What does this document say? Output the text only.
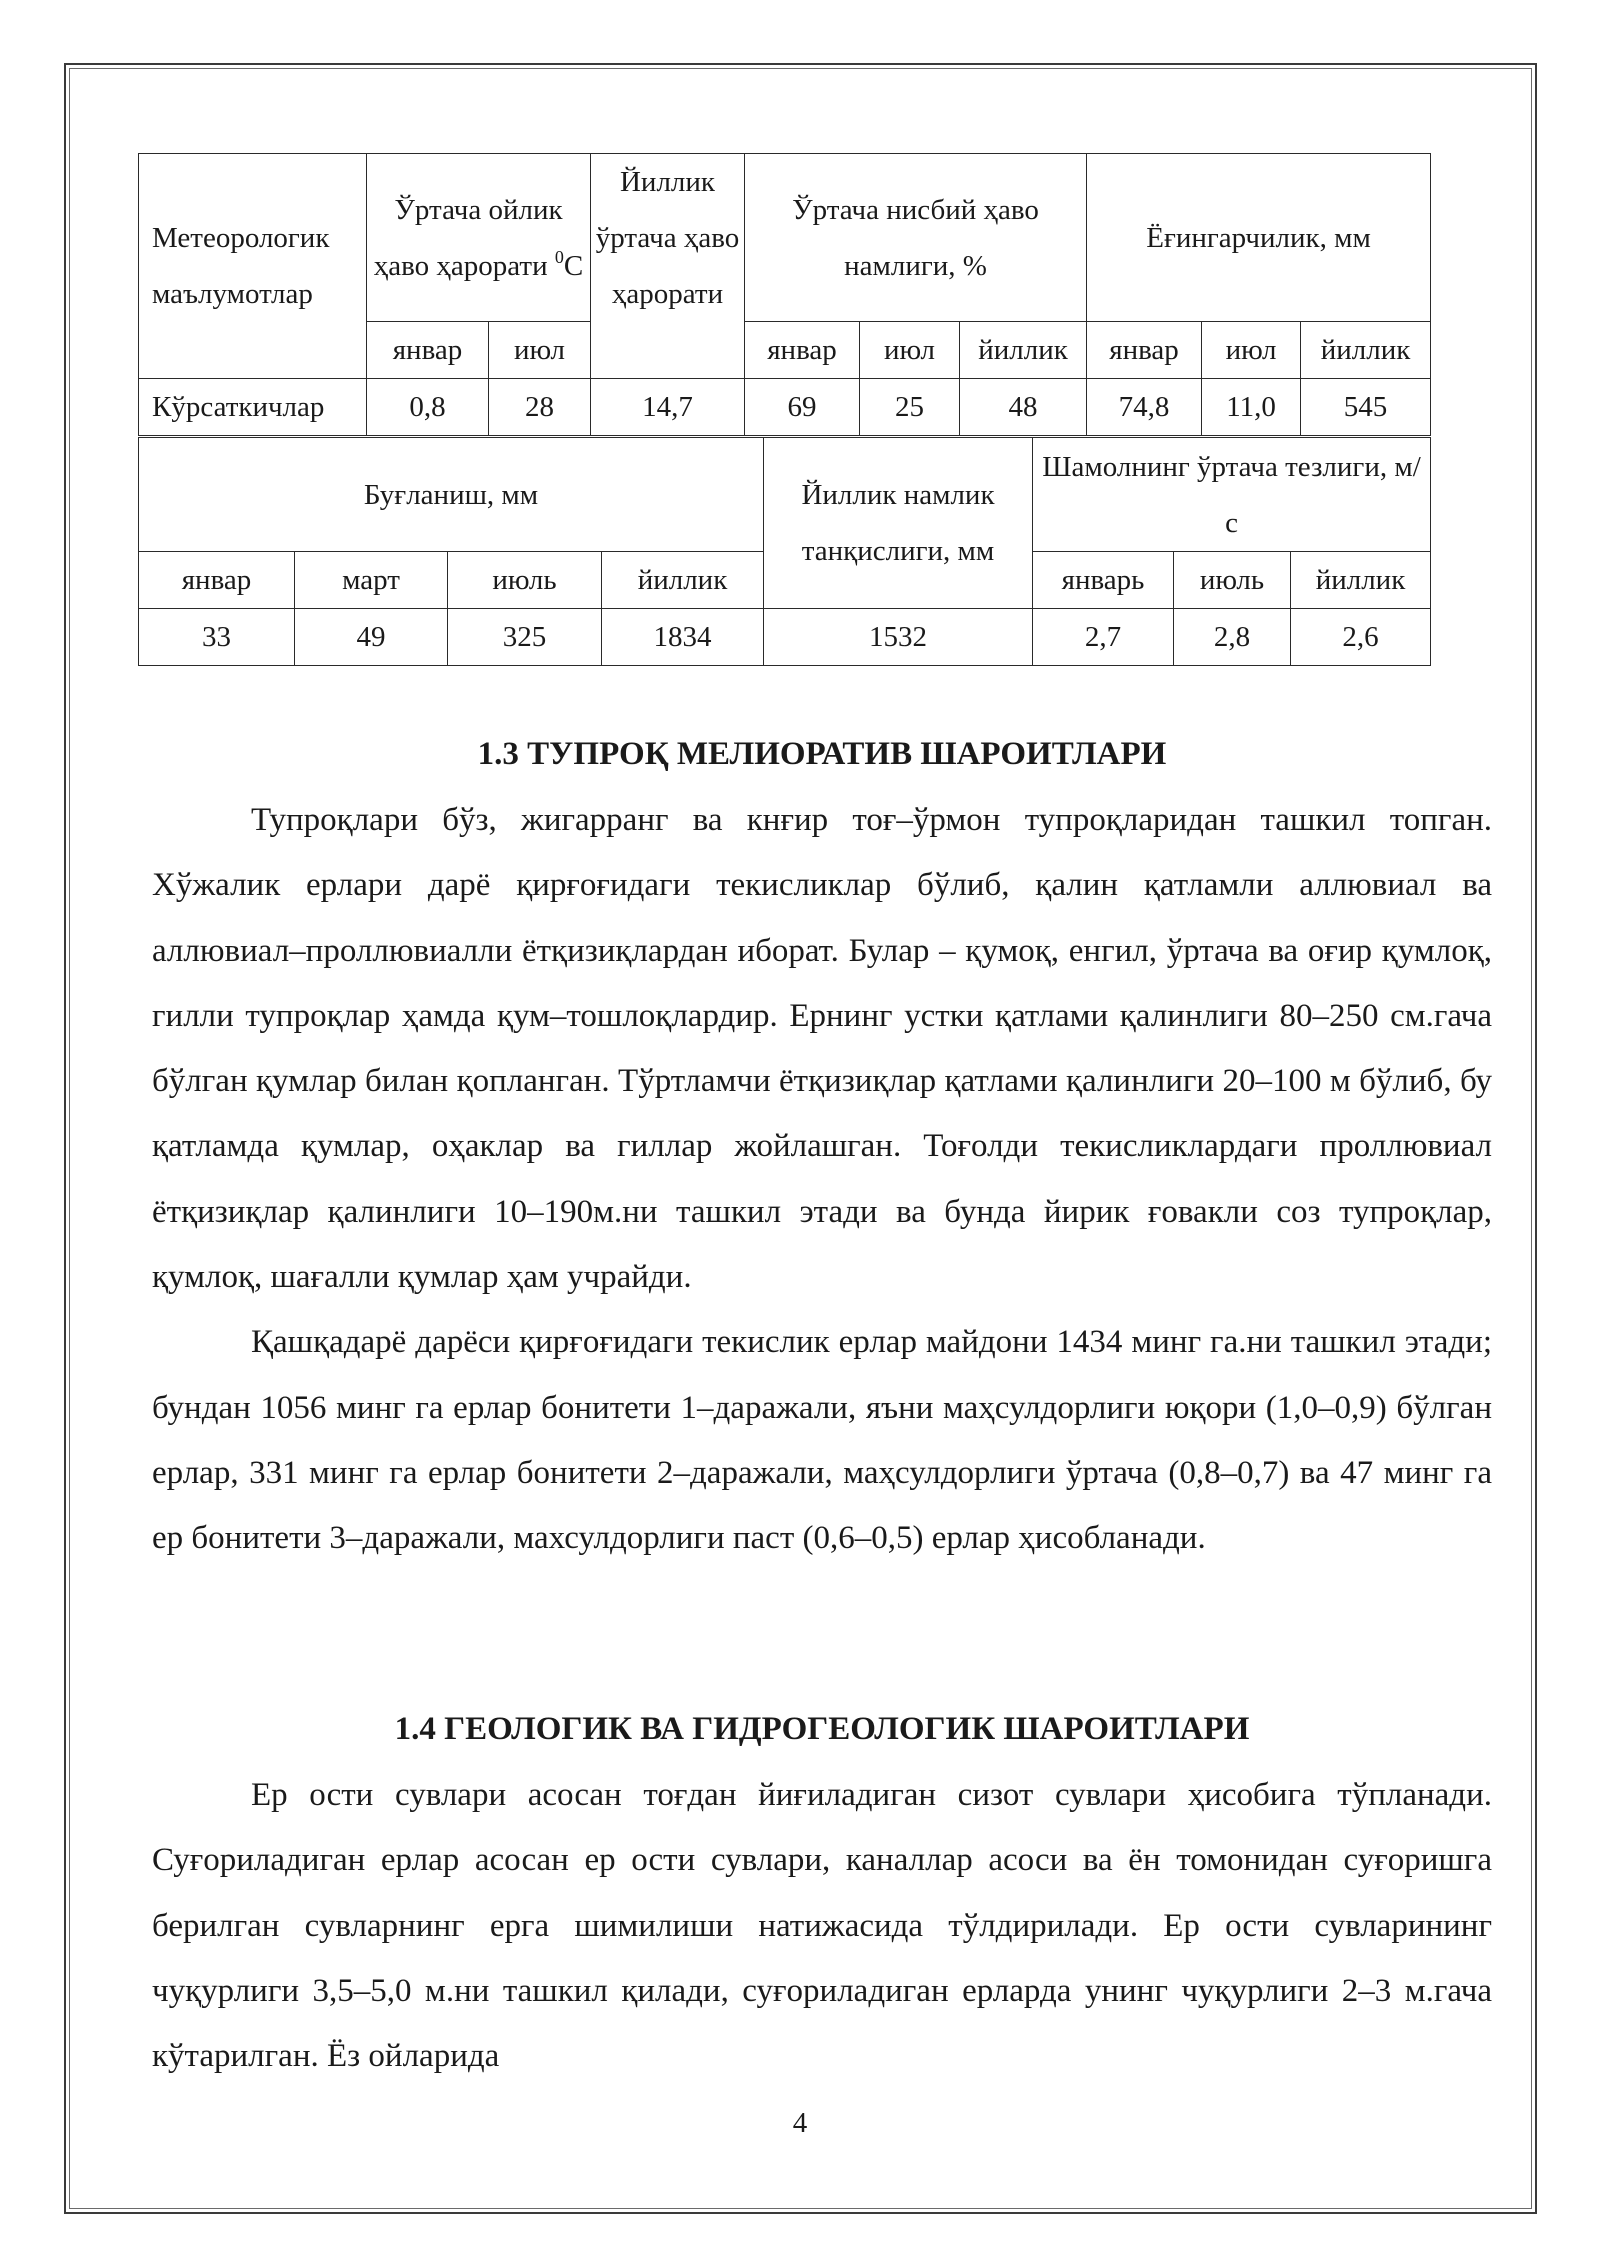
Метеорологик маълумотлар	Ўртача ойлик ҳаво ҳарорати $^0$С		Йиллик ўртача ҳаво ҳарорати	Ўртача нисбий ҳаво намлиги, %			Ёғингарчилик, мм		
	январ	июл		январ	июл	йиллик	январ	июл	йиллик
Кўрсаткичлар	0,8	28	14,7	69	25	48	74,8	11,0	545
Буғланиш, мм				Йиллик намлик танқислиги, мм	Шамолнинг ўртача тезлиги, м/с		
январ	март	июль	йиллик		январь	июль	йиллик
33	49	325	1834	1532	2,7	2,8	2,6
1.3 ТУПРОҚ МЕЛИОРАТИВ ШАРОИТЛАРИ

Тупроқлари бўз, жигарранг ва кнғир тоғ–ўрмон тупроқларидан ташкил топган. Хўжалик ерлари дарё қирғоғидаги текисликлар бўлиб, қалин қатламли аллювиал ва аллювиал–проллювиалли ётқизиқлардан иборат. Булар – қумоқ, енгил, ўртача ва оғир қумлоқ, гилли тупроқлар ҳамда қум–тошлоқлардир. Ернинг устки қатлами қалинлиги 80–250 см.гача бўлган қумлар билан қопланган. Тўртламчи ётқизиқлар қатлами қалинлиги 20–100 м бўлиб, бу қатламда қумлар, оҳаклар ва гиллар жойлашган. Тоғолди текисликлардаги проллювиал ётқизиқлар қалинлиги 10–190м.ни ташкил этади ва бунда йирик ғовакли соз тупроқлар, қумлоқ, шағалли қумлар ҳам учрайди.

Қашқадарё дарёси қирғоғидаги текислик ерлар майдони 1434 минг га.ни ташкил этади; бундан 1056 минг га ерлар бонитети 1–даражали, яъни маҳсулдорлиги юқори (1,0–0,9) бўлган ерлар, 331 минг га ерлар бонитети 2–даражали, маҳсулдорлиги ўртача (0,8–0,7) ва 47 минг га ер бонитети 3–даражали, махсулдорлиги паст (0,6–0,5) ерлар ҳисобланади.

1.4 ГЕОЛОГИК ВА ГИДРОГЕОЛОГИК ШАРОИТЛАРИ

Ер ости сувлари асосан тоғдан йиғиладиган сизот сувлари ҳисобига тўпланади. Суғориладиган ерлар асосан ер ости сувлари, каналлар асоси ва ён томонидан суғоришга берилган сувларнинг ерга шимилиши натижасида тўлдирилади. Ер ости сувларининг чуқурлиги 3,5–5,0 м.ни ташкил қилади, суғориладиган ерларда унинг чуқурлиги 2–3 м.гача кўтарилган. Ёз ойларида

4
